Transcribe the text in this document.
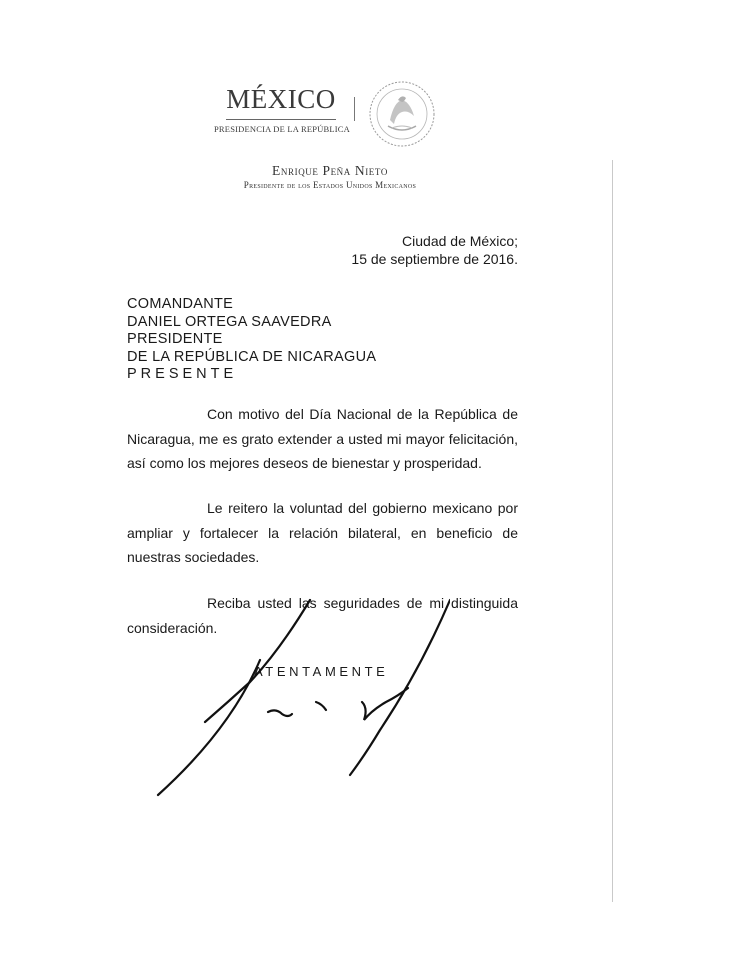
MÉXICO
PRESIDENCIA DE LA REPÚBLICA
Enrique Peña Nieto
Presidente de los Estados Unidos Mexicanos
Ciudad de México;
15 de septiembre de 2016.
COMANDANTE
DANIEL ORTEGA SAAVEDRA
PRESIDENTE
DE LA REPÚBLICA DE NICARAGUA
PRESENTE
Con motivo del Día Nacional de la República de Nicaragua, me es grato extender a usted mi mayor felicitación, así como los mejores deseos de bienestar y prosperidad.
Le reitero la voluntad del gobierno mexicano por ampliar y fortalecer la relación bilateral, en beneficio de nuestras sociedades.
Reciba usted las seguridades de mi distinguida consideración.
ATENTAMENTE
